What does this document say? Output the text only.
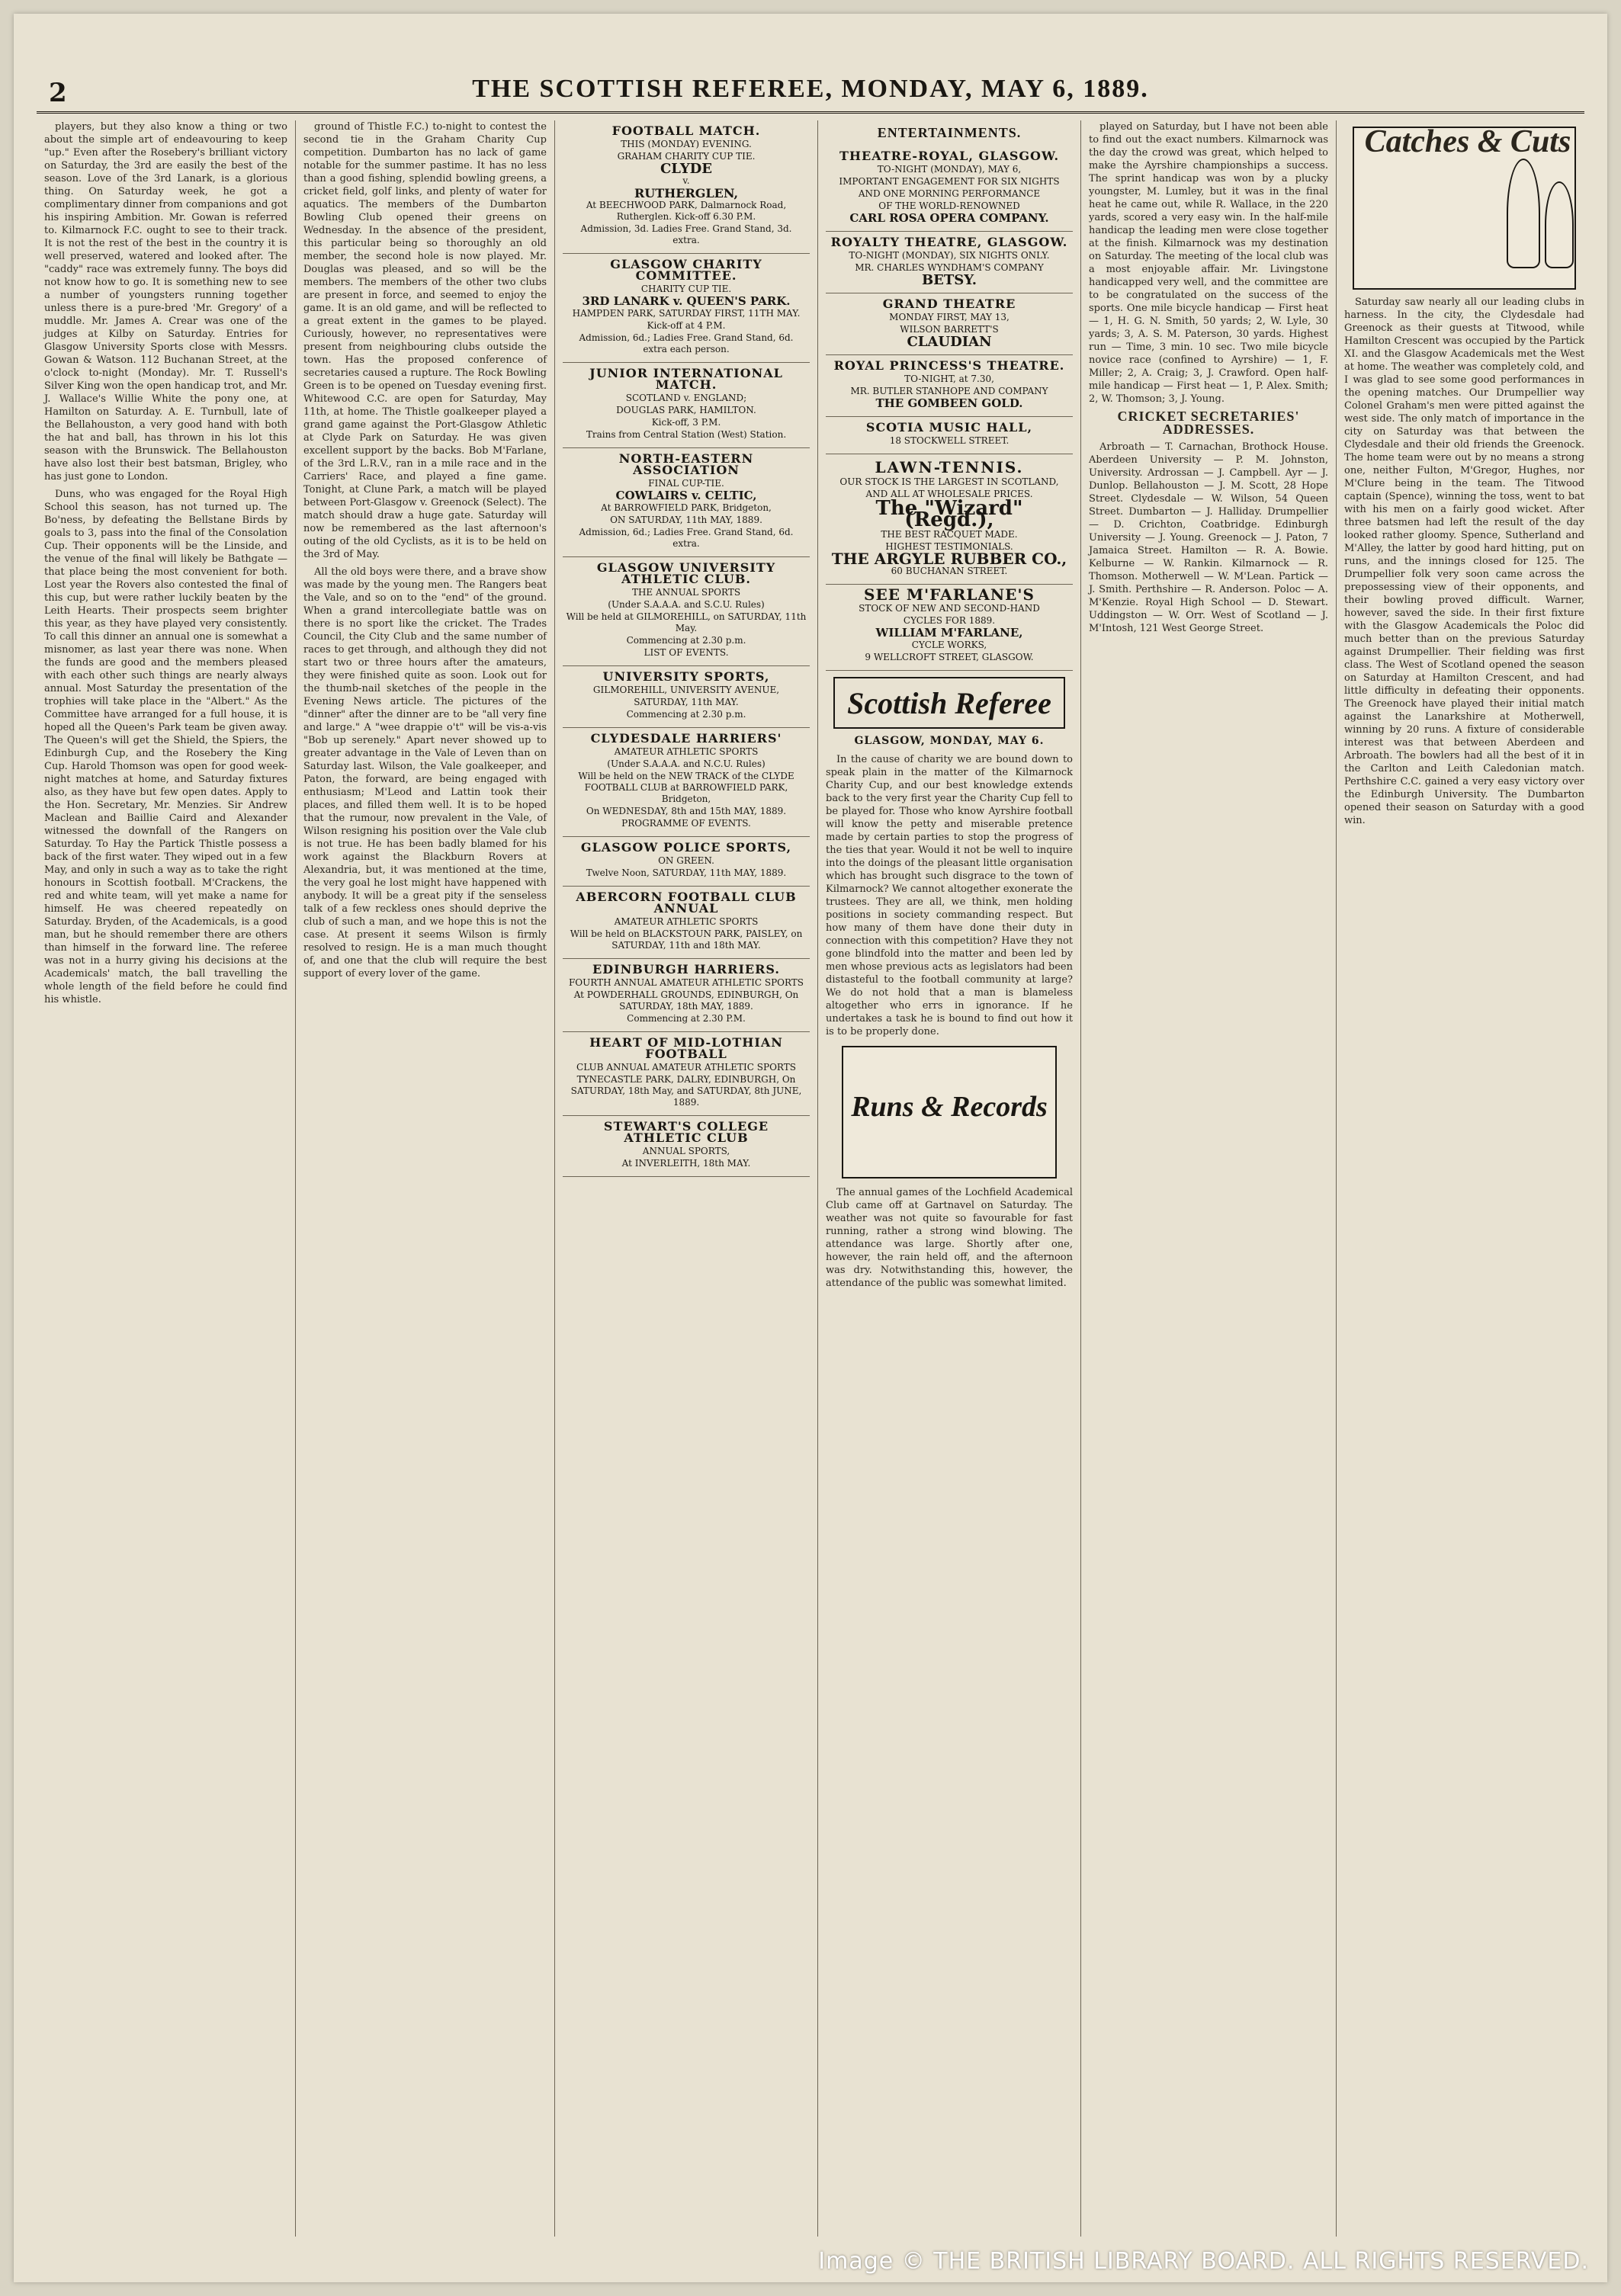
2	THE SCOTTISH REFEREE, MONDAY, MAY 6, 1889.

players, but they also know a thing or two about the simple art of endeavouring to keep "up." Even after the Rosebery's brilliant victory on Saturday, the 3rd are easily the best of the season. Love of the 3rd Lanark, is a glorious thing. On Saturday week, he got a complimentary dinner from companions and got his inspiring Ambition. Mr. Gowan is referred to. Kilmarnock F.C. ought to see to their track. It is not the rest of the best in the country it is well preserved, watered and looked after. The "caddy" race was extremely funny. The boys did not know how to go. It is something new to see a number of youngsters running together unless there is a pure-bred 'Mr. Gregory' of a muddle. Mr. James A. Crear was one of the judges at Kilby on Saturday. Entries for Glasgow University Sports close with Messrs. Gowan & Watson. 112 Buchanan Street, at the o'clock to-night (Monday). Mr. T. Russell's Silver King won the open handicap trot, and Mr. J. Wallace's Willie White the pony one, at Hamilton on Saturday. A. E. Turnbull, late of the Bellahouston, a very good hand with both the hat and ball, has thrown in his lot this season with the Brunswick. The Bellahouston have also lost their best batsman, Brigley, who has just gone to London.

Duns, who was engaged for the Royal High School this season, has not turned up. The Bo'ness, by defeating the Bellstane Birds by goals to 3, pass into the final of the Consolation Cup. Their opponents will be the Linside, and the venue of the final will likely be Bathgate — that place being the most convenient for both. Lost year the Rovers also contested the final of this cup, but were rather luckily beaten by the Leith Hearts. Their prospects seem brighter this year, as they have played very consistently. To call this dinner an annual one is somewhat a misnomer, as last year there was none. When the funds are good and the members pleased with each other such things are nearly always annual. Most Saturday the presentation of the trophies will take place in the "Albert." As the Committee have arranged for a full house, it is hoped all the Queen's Park team be given away. The Queen's will get the Shield, the Spiers, the Edinburgh Cup, and the Rosebery the King Cup. Harold Thomson was open for good week-night matches at home, and Saturday fixtures also, as they have but few open dates. Apply to the Hon. Secretary, Mr. Menzies. Sir Andrew Maclean and Baillie Caird and Alexander witnessed the downfall of the Rangers on Saturday. To Hay the Partick Thistle possess a back of the first water. They wiped out in a few May, and only in such a way as to take the right honours in Scottish football. M'Crackens, the red and white team, will yet make a name for himself. He was cheered repeatedly on Saturday. Bryden, of the Academicals, is a good man, but he should remember there are others than himself in the forward line. The referee was not in a hurry giving his decisions at the Academicals' match, the ball travelling the whole length of the field before he could find his whistle.

ground of Thistle F.C.) to-night to contest the second tie in the Graham Charity Cup competition. Dumbarton has no lack of game notable for the summer pastime. It has no less than a good fishing, splendid bowling greens, a cricket field, golf links, and plenty of water for aquatics. The members of the Dumbarton Bowling Club opened their greens on Wednesday. In the absence of the president, this particular being so thoroughly an old member, the second hole is now played. Mr. Douglas was pleased, and so will be the members. The members of the other two clubs are present in force, and seemed to enjoy the game. It is an old game, and will be reflected to a great extent in the games to be played. Curiously, however, no representatives were present from neighbouring clubs outside the town. Has the proposed conference of secretaries caused a rupture. The Rock Bowling Green is to be opened on Tuesday evening first. Whitewood C.C. are open for Saturday, May 11th, at home. The Thistle goalkeeper played a grand game against the Port-Glasgow Athletic at Clyde Park on Saturday. He was given excellent support by the backs. Bob M'Farlane, of the 3rd L.R.V., ran in a mile race and in the Carriers' Race, and played a fine game. Tonight, at Clune Park, a match will be played between Port-Glasgow v. Greenock (Select). The match should draw a huge gate. Saturday will now be remembered as the last afternoon's outing of the old Cyclists, as it is to be held on the 3rd of May.

All the old boys were there, and a brave show was made by the young men. The Rangers beat the Vale, and so on to the "end" of the ground. When a grand intercollegiate battle was on there is no sport like the cricket. The Trades Council, the City Club and the same number of races to get through, and although they did not start two or three hours after the amateurs, they were finished quite as soon. Look out for the thumb-nail sketches of the people in the Evening News article. The pictures of the "dinner" after the dinner are to be "all very fine and large." A "wee drappie o't" will be vis-a-vis "Bob up serenely." Apart never showed up to greater advantage in the Vale of Leven than on Saturday last. Wilson, the Vale goalkeeper, and Paton, the forward, are being engaged with enthusiasm; M'Leod and Lattin took their places, and filled them well. It is to be hoped that the rumour, now prevalent in the Vale, of Wilson resigning his position over the Vale club is not true. He has been badly blamed for his work against the Blackburn Rovers at Alexandria, but, it was mentioned at the time, the very goal he lost might have happened with anybody. It will be a great pity if the senseless talk of a few reckless ones should deprive the club of such a man, and we hope this is not the case. At present it seems Wilson is firmly resolved to resign. He is a man much thought of, and one that the club will require the best support of every lover of the game.

FOOTBALL MATCH.
THIS (MONDAY) EVENING.
GRAHAM CHARITY CUP TIE.
CLYDE
v.
RUTHERGLEN,
At BEECHWOOD PARK, Dalmarnock Road, Rutherglen. Kick-off 6.30 P.M.
Admission, 3d. Ladies Free. Grand Stand, 3d. extra.
GLASGOW CHARITY COMMITTEE.
CHARITY CUP TIE.
3RD LANARK v. QUEEN'S PARK.
HAMPDEN PARK, SATURDAY FIRST, 11TH MAY.
Kick-off at 4 P.M.
Admission, 6d.; Ladies Free. Grand Stand, 6d. extra each person.
JUNIOR INTERNATIONAL MATCH.
SCOTLAND v. ENGLAND;
DOUGLAS PARK, HAMILTON.
Kick-off, 3 P.M.
Trains from Central Station (West) Station.
NORTH-EASTERN ASSOCIATION
FINAL CUP-TIE.
COWLAIRS v. CELTIC,
At BARROWFIELD PARK, Bridgeton,
ON SATURDAY, 11th MAY, 1889.
Admission, 6d.; Ladies Free. Grand Stand, 6d. extra.
GLASGOW UNIVERSITY ATHLETIC CLUB.
THE ANNUAL SPORTS
(Under S.A.A.A. and S.C.U. Rules)
Will be held at GILMOREHILL, on SATURDAY, 11th May.
Commencing at 2.30 p.m.
LIST OF EVENTS.
UNIVERSITY SPORTS,
GILMOREHILL, UNIVERSITY AVENUE,
SATURDAY, 11th MAY.
Commencing at 2.30 p.m.
CLYDESDALE HARRIERS'
AMATEUR ATHLETIC SPORTS
(Under S.A.A.A. and N.C.U. Rules)
Will be held on the NEW TRACK of the CLYDE FOOTBALL CLUB at BARROWFIELD PARK, Bridgeton,
On WEDNESDAY, 8th and 15th MAY, 1889.
PROGRAMME OF EVENTS.
GLASGOW POLICE SPORTS,
ON GREEN.
Twelve Noon, SATURDAY, 11th MAY, 1889.
ABERCORN FOOTBALL CLUB ANNUAL
AMATEUR ATHLETIC SPORTS
Will be held on BLACKSTOUN PARK, PAISLEY, on SATURDAY, 11th and 18th MAY.
EDINBURGH HARRIERS.
FOURTH ANNUAL AMATEUR ATHLETIC SPORTS
At POWDERHALL GROUNDS, EDINBURGH, On SATURDAY, 18th MAY, 1889.
Commencing at 2.30 P.M.
HEART OF MID-LOTHIAN FOOTBALL
CLUB ANNUAL AMATEUR ATHLETIC SPORTS
TYNECASTLE PARK, DALRY, EDINBURGH, On SATURDAY, 18th May, and SATURDAY, 8th JUNE, 1889.
STEWART'S COLLEGE ATHLETIC CLUB
ANNUAL SPORTS,
At INVERLEITH, 18th MAY.
ENTERTAINMENTS.
THEATRE-ROYAL, GLASGOW.
TO-NIGHT (MONDAY), MAY 6,
IMPORTANT ENGAGEMENT FOR SIX NIGHTS
AND ONE MORNING PERFORMANCE
OF THE WORLD-RENOWNED
CARL ROSA OPERA COMPANY.
ROYALTY THEATRE, GLASGOW.
TO-NIGHT (MONDAY), SIX NIGHTS ONLY.
MR. CHARLES WYNDHAM'S COMPANY
BETSY.
GRAND THEATRE
MONDAY FIRST, MAY 13,
WILSON BARRETT'S
CLAUDIAN
ROYAL PRINCESS'S THEATRE.
TO-NIGHT, at 7.30,
MR. BUTLER STANHOPE AND COMPANY
THE GOMBEEN GOLD.
SCOTIA MUSIC HALL,
18 STOCKWELL STREET.
LAWN-TENNIS.
OUR STOCK IS THE LARGEST IN SCOTLAND,
AND ALL AT WHOLESALE PRICES.
The "Wizard" (Regd.),
THE BEST RACQUET MADE.
HIGHEST TESTIMONIALS.
THE ARGYLE RUBBER CO.,
60 BUCHANAN STREET.
SEE M'FARLANE'S
STOCK OF NEW AND SECOND-HAND
CYCLES FOR 1889.
WILLIAM M'FARLANE,
CYCLE WORKS,
9 WELLCROFT STREET, GLASGOW.
Scottish Referee
GLASGOW, MONDAY, MAY 6.

In the cause of charity we are bound down to speak plain in the matter of the Kilmarnock Charity Cup, and our best knowledge extends back to the very first year the Charity Cup fell to be played for. Those who know Ayrshire football will know the petty and miserable pretence made by certain parties to stop the progress of the ties that year. Would it not be well to inquire into the doings of the pleasant little organisation which has brought such disgrace to the town of Kilmarnock? We cannot altogether exonerate the trustees. They are all, we think, men holding positions in society commanding respect. But how many of them have done their duty in connection with this competition? Have they not gone blindfold into the matter and been led by men whose previous acts as legislators had been distasteful to the football community at large? We do not hold that a man is blameless altogether who errs in ignorance. If he undertakes a task he is bound to find out how it is to be properly done.

Runs & Records

The annual games of the Lochfield Academical Club came off at Gartnavel on Saturday. The weather was not quite so favourable for fast running, rather a strong wind blowing. The attendance was large. Shortly after one, however, the rain held off, and the afternoon was dry. Notwithstanding this, however, the attendance of the public was somewhat limited.

played on Saturday, but I have not been able to find out the exact numbers. Kilmarnock was the day the crowd was great, which helped to make the Ayrshire championships a success. The sprint handicap was won by a plucky youngster, M. Lumley, but it was in the final heat he came out, while R. Wallace, in the 220 yards, scored a very easy win. In the half-mile handicap the leading men were close together at the finish. Kilmarnock was my destination on Saturday. The meeting of the local club was a most enjoyable affair. Mr. Livingstone handicapped very well, and the committee are to be congratulated on the success of the sports. One mile bicycle handicap — First heat — 1, H. G. N. Smith, 50 yards; 2, W. Lyle, 30 yards; 3, A. S. M. Paterson, 30 yards. Highest run — Time, 3 min. 10 sec. Two mile bicycle novice race (confined to Ayrshire) — 1, F. Miller; 2, A. Craig; 3, J. Crawford. Open half-mile handicap — First heat — 1, P. Alex. Smith; 2, W. Thomson; 3, J. Young.

CRICKET SECRETARIES' ADDRESSES.

Arbroath — T. Carnachan, Brothock House. Aberdeen University — P. M. Johnston, University. Ardrossan — J. Campbell. Ayr — J. Dunlop. Bellahouston — J. M. Scott, 28 Hope Street. Clydesdale — W. Wilson, 54 Queen Street. Dumbarton — J. Halliday. Drumpellier — D. Crichton, Coatbridge. Edinburgh University — J. Young. Greenock — J. Paton, 7 Jamaica Street. Hamilton — R. A. Bowie. Kelburne — W. Rankin. Kilmarnock — R. Thomson. Motherwell — W. M'Lean. Partick — J. Smith. Perthshire — R. Anderson. Poloc — A. M'Kenzie. Royal High School — D. Stewart. Uddingston — W. Orr. West of Scotland — J. M'Intosh, 121 West George Street.

Catches & Cuts

Saturday saw nearly all our leading clubs in harness. In the city, the Clydesdale had Greenock as their guests at Titwood, while Hamilton Crescent was occupied by the Partick XI. and the Glasgow Academicals met the West at home. The weather was completely cold, and I was glad to see some good performances in the opening matches. Our Drumpellier way Colonel Graham's men were pitted against the west side. The only match of importance in the city on Saturday was that between the Clydesdale and their old friends the Greenock. The home team were out by no means a strong one, neither Fulton, M'Gregor, Hughes, nor M'Clure being in the team. The Titwood captain (Spence), winning the toss, went to bat with his men on a fairly good wicket. After three batsmen had left the result of the day looked rather gloomy. Spence, Sutherland and M'Alley, the latter by good hard hitting, put on runs, and the innings closed for 125. The Drumpellier folk very soon came across the prepossessing view of their opponents, and their bowling proved difficult. Warner, however, saved the side. In their first fixture with the Glasgow Academicals the Poloc did much better than on the previous Saturday against Drumpellier. Their fielding was first class. The West of Scotland opened the season on Saturday at Hamilton Crescent, and had little difficulty in defeating their opponents. The Greenock have played their initial match against the Lanarkshire at Motherwell, winning by 20 runs. A fixture of considerable interest was that between Aberdeen and Arbroath. The bowlers had all the best of it in the Carlton and Leith Caledonian match. Perthshire C.C. gained a very easy victory over the Edinburgh University. The Dumbarton opened their season on Saturday with a good win.

Image © THE BRITISH LIBRARY BOARD. ALL RIGHTS RESERVED.
